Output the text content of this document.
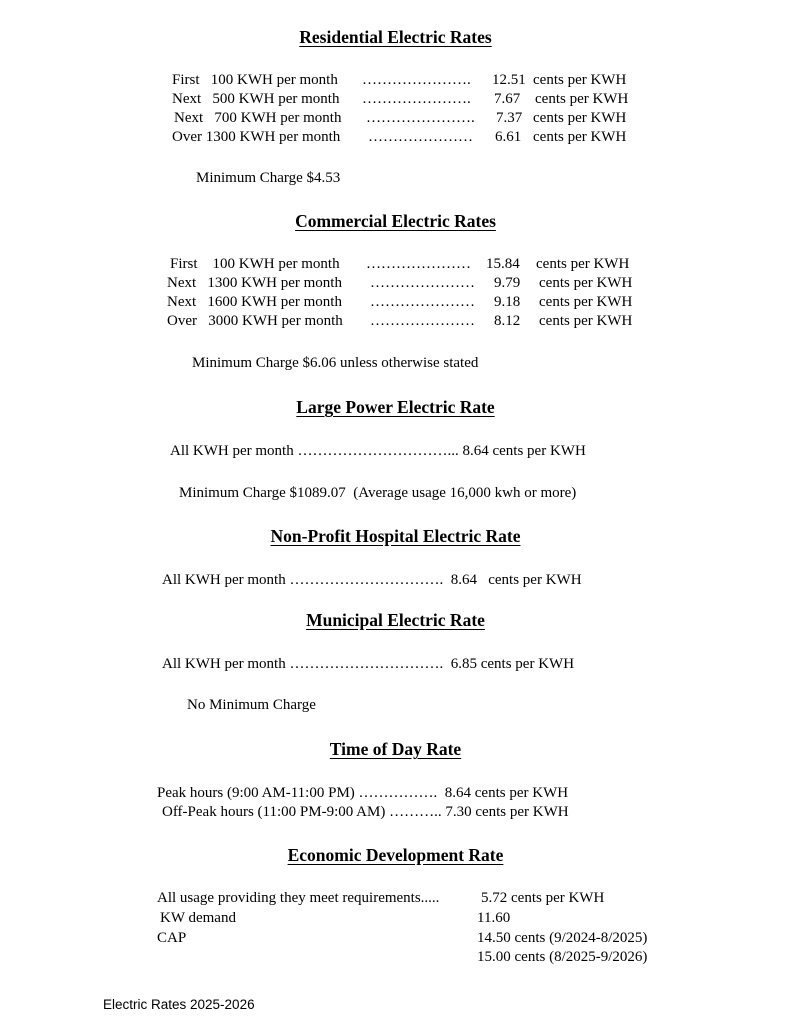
Residential Electric Rates
First   100 KWH per month …………………. 12.51 cents per KWH
Next   500 KWH per month …………………. 7.67 cents per KWH
Next   700 KWH per month …………………. 7.37 cents per KWH
Over 1300 KWH per month ………………… 6.61 cents per KWH
Minimum Charge $4.53
Commercial Electric Rates
First    100 KWH per month ………………… 15.84 cents per KWH
Next   1300 KWH per month ………………… 9.79 cents per KWH
Next   1600 KWH per month ………………… 9.18 cents per KWH
Over   3000 KWH per month ………………… 8.12 cents per KWH
Minimum Charge $6.06 unless otherwise stated
Large Power Electric Rate
All KWH per month …………………………... 8.64 cents per KWH
Minimum Charge $1089.07  (Average usage 16,000 kwh or more)
Non-Profit Hospital Electric Rate
All KWH per month ………………………….  8.64   cents per KWH
Municipal Electric Rate
All KWH per month ………………………….  6.85 cents per KWH
No Minimum Charge
Time of Day Rate
Peak hours (9:00 AM-11:00 PM) …………….  8.64 cents per KWH
Off-Peak hours (11:00 PM-9:00 AM) ……….. 7.30 cents per KWH
Economic Development Rate
All usage providing they meet requirements.....	5.72 cents per KWH
KW demand	11.60
CAP	14.50 cents (9/2024-8/2025)
15.00 cents (8/2025-9/2026)
Electric Rates 2025-2026
